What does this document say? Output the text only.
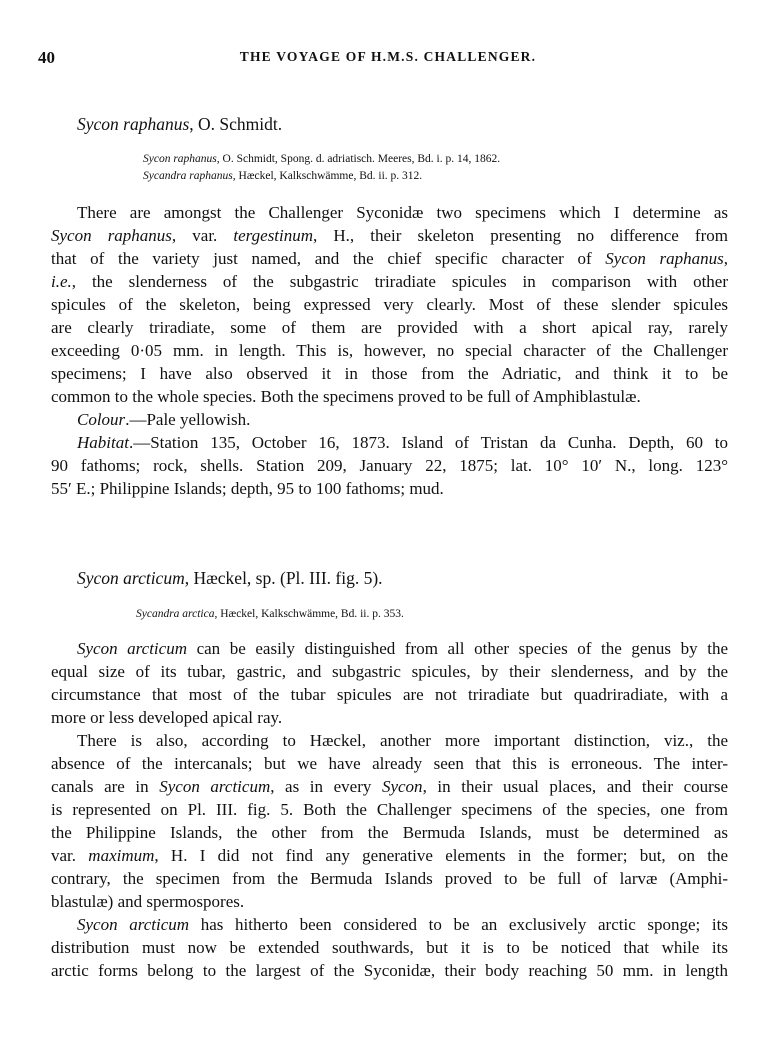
40	THE VOYAGE OF H.M.S. CHALLENGER.
Sycon raphanus, O. Schmidt.
Sycon raphanus, O. Schmidt, Spong. d. adriatisch. Meeres, Bd. i. p. 14, 1862.
Sycandra raphanus, Hæckel, Kalkschwämme, Bd. ii. p. 312.
There are amongst the Challenger Syconidæ two specimens which I determine as
Sycon raphanus, var. tergestinum, H., their skeleton presenting no difference from
that of the variety just named, and the chief specific character of Sycon raphanus,
i.e., the slenderness of the subgastric triradiate spicules in comparison with other
spicules of the skeleton, being expressed very clearly. Most of these slender spicules
are clearly triradiate, some of them are provided with a short apical ray, rarely
exceeding 0·05 mm. in length. This is, however, no special character of the Challenger
specimens; I have also observed it in those from the Adriatic, and think it to be
common to the whole species. Both the specimens proved to be full of Amphiblastulæ.
Colour.—Pale yellowish.
Habitat.—Station 135, October 16, 1873. Island of Tristan da Cunha. Depth, 60 to
90 fathoms; rock, shells. Station 209, January 22, 1875; lat. 10° 10′ N., long. 123°
55′ E.; Philippine Islands; depth, 95 to 100 fathoms; mud.
Sycon arcticum, Hæckel, sp. (Pl. III. fig. 5).
Sycandra arctica, Hæckel, Kalkschwämme, Bd. ii. p. 353.
Sycon arcticum can be easily distinguished from all other species of the genus by the
equal size of its tubar, gastric, and subgastric spicules, by their slenderness, and by the
circumstance that most of the tubar spicules are not triradiate but quadriradiate, with a
more or less developed apical ray.
There is also, according to Hæckel, another more important distinction, viz., the
absence of the intercanals; but we have already seen that this is erroneous. The inter-
canals are in Sycon arcticum, as in every Sycon, in their usual places, and their course
is represented on Pl. III. fig. 5. Both the Challenger specimens of the species, one from
the Philippine Islands, the other from the Bermuda Islands, must be determined as
var. maximum, H. I did not find any generative elements in the former; but, on the
contrary, the specimen from the Bermuda Islands proved to be full of larvæ (Amphi-
blastulæ) and spermospores.
Sycon arcticum has hitherto been considered to be an exclusively arctic sponge; its
distribution must now be extended southwards, but it is to be noticed that while its
arctic forms belong to the largest of the Syconidæ, their body reaching 50 mm. in length
